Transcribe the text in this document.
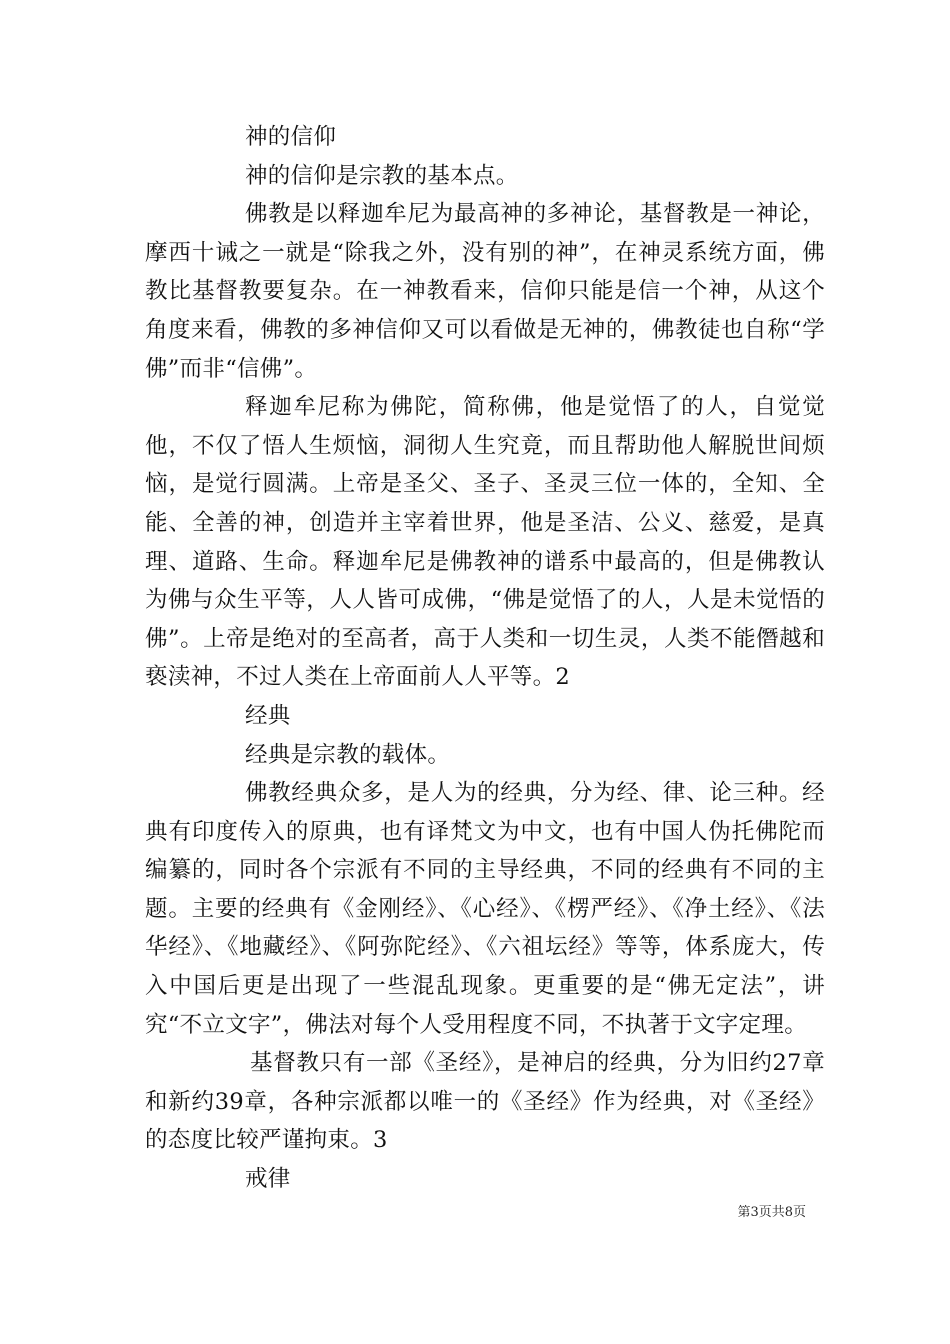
神的信仰

神的信仰是宗教的基本点。

佛教是以释迦牟尼为最高神的多神论，基督教是一神论，摩西十诫之一就是“除我之外，没有别的神”，在神灵系统方面，佛教比基督教要复杂。在一神教看来，信仰只能是信一个神，从这个角度来看，佛教的多神信仰又可以看做是无神的，佛教徒也自称“学佛”而非“信佛”。

释迦牟尼称为佛陀，简称佛，他是觉悟了的人，自觉觉他，不仅了悟人生烦恼，洞彻人生究竟，而且帮助他人解脱世间烦恼，是觉行圆满。上帝是圣父、圣子、圣灵三位一体的，全知、全能、全善的神，创造并主宰着世界，他是圣洁、公义、慈爱，是真理、道路、生命。释迦牟尼是佛教神的谱系中最高的，但是佛教认为佛与众生平等，人人皆可成佛，“佛是觉悟了的人，人是未觉悟的佛”。上帝是绝对的至高者，高于人类和一切生灵，人类不能僭越和亵渎神，不过人类在上帝面前人人平等。2

经典

经典是宗教的载体。

佛教经典众多，是人为的经典，分为经、律、论三种。经典有印度传入的原典，也有译梵文为中文，也有中国人伪托佛陀而编纂的，同时各个宗派有不同的主导经典，不同的经典有不同的主题。主要的经典有《金刚经》、《心经》、《楞严经》、《净土经》、《法华经》、《地藏经》、《阿弥陀经》、《六祖坛经》等等，体系庞大，传入中国后更是出现了一些混乱现象。更重要的是“佛无定法”，讲究“不立文字”，佛法对每个人受用程度不同，不执著于文字定理。

基督教只有一部《圣经》，是神启的经典，分为旧约27章和新约39章，各种宗派都以唯一的《圣经》作为经典，对《圣经》的态度比较严谨拘束。3

戒律

第3页共8页
